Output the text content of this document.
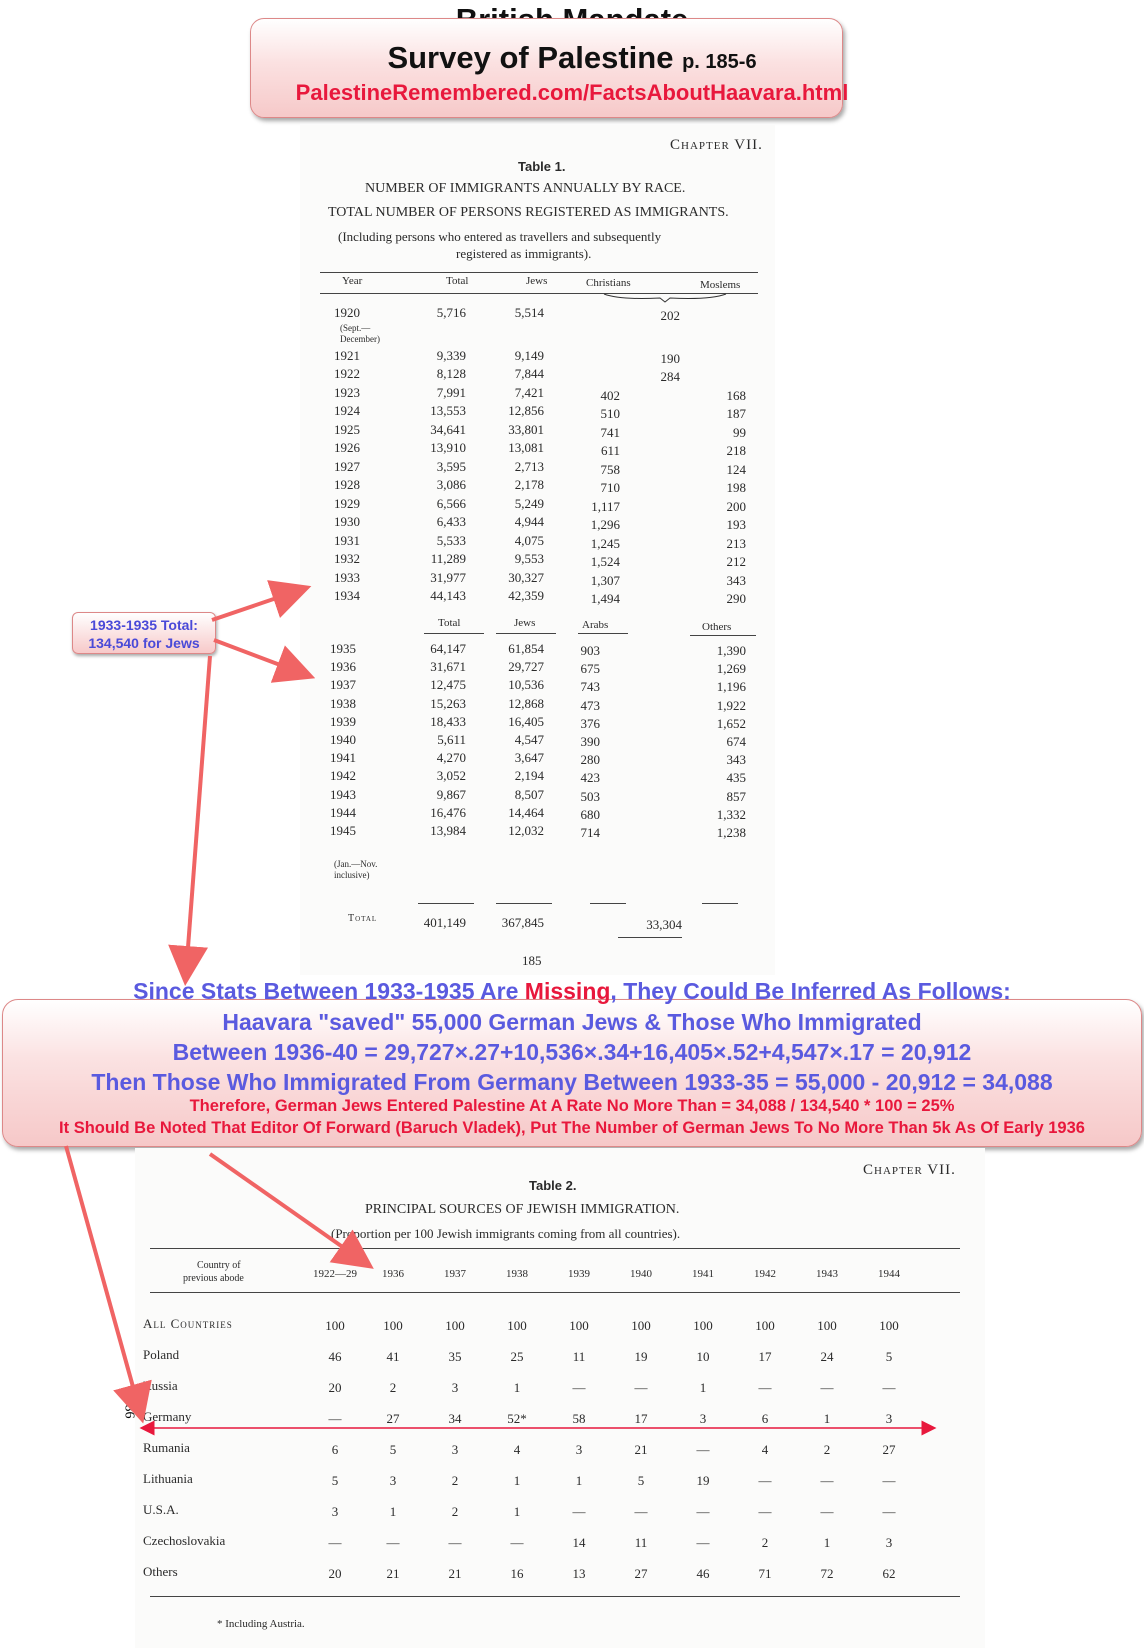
Survey of Palestine p. 185-6
PalestineRemembered.com/FactsAboutHaavara.html
Chapter VII.
Table 1.
NUMBER OF IMMIGRANTS ANNUALLY BY RACE.
TOTAL NUMBER OF PERSONS REGISTERED AS IMMIGRANTS.
(Including persons who entered as travellers and subsequently
registered as immigrants).
Year	Total	Jews	Christians	Moslems
1920	5,716	5,514	202
1921	9,339	9,149	190
1922	8,128	7,844	284
1923	7,991	7,421	402	168
1924	13,553	12,856	510	187
1925	34,641	33,801	741	99
1926	13,910	13,081	611	218
1927	3,595	2,713	758	124
1928	3,086	2,178	710	198
1929	6,566	5,249	1,117	200
1930	6,433	4,944	1,296	193
1931	5,533	4,075	1,245	213
1932	11,289	9,553	1,524	212
1933	31,977	30,327	1,307	343
1934	44,143	42,359	1,494	290
(Sept.—
December)
Total	Jews	Arabs	Others
1935	64,147	61,854	903	1,390
1936	31,671	29,727	675	1,269
1937	12,475	10,536	743	1,196
1938	15,263	12,868	473	1,922
1939	18,433	16,405	376	1,652
1940	5,611	4,547	390	674
1941	4,270	3,647	280	343
1942	3,052	2,194	423	435
1943	9,867	8,507	503	857
1944	16,476	14,464	680	1,332
1945	13,984	12,032	714	1,238
(Jan.—Nov.
inclusive)
Total	401,149	367,845	33,304
185
Since Stats Between 1933-1935 Are Missing, They Could Be Inferred As Follows:
Haavara "saved" 55,000 German Jews & Those Who Immigrated
Between 1936-40 = 29,727×.27+10,536×.34+16,405×.52+4,547×.17 = 20,912
Then Those Who Immigrated From Germany Between 1933-35 = 55,000 - 20,912 = 34,088
Therefore, German Jews Entered Palestine At A Rate No More Than = 34,088 / 134,540 * 100 = 25%
It Should Be Noted That Editor Of Forward (Baruch Vladek), Put The Number of German Jews To No More Than 5k As Of Early 1936
Chapter VII.
Table 2.
PRINCIPAL SOURCES OF JEWISH IMMIGRATION.
(Proportion per 100 Jewish immigrants coming from all countries).
Country of
previous abode	1922—29	1936	1937	1938	1939	1940	1941	1942	1943	1944
All Countries	100	100	100	100	100	100	100	100	100	100
Poland	46	41	35	25	11	19	10	17	24	5
Russia	20	2	3	1	—	—	1	—	—	—
Germany	—	27	34	52*	58	17	3	6	1	3
Rumania	6	5	3	4	3	21	—	4	2	27
Lithuania	5	3	2	1	1	5	19	—	—	—
U.S.A.	3	1	2	1	—	—	—	—	—	—
Czechoslovakia	—	—	—	—	14	11	—	2	1	3
Others	20	21	21	16	13	27	46	71	72	62
* Including Austria.
186
1933-1935 Total:
134,540 for Jews
